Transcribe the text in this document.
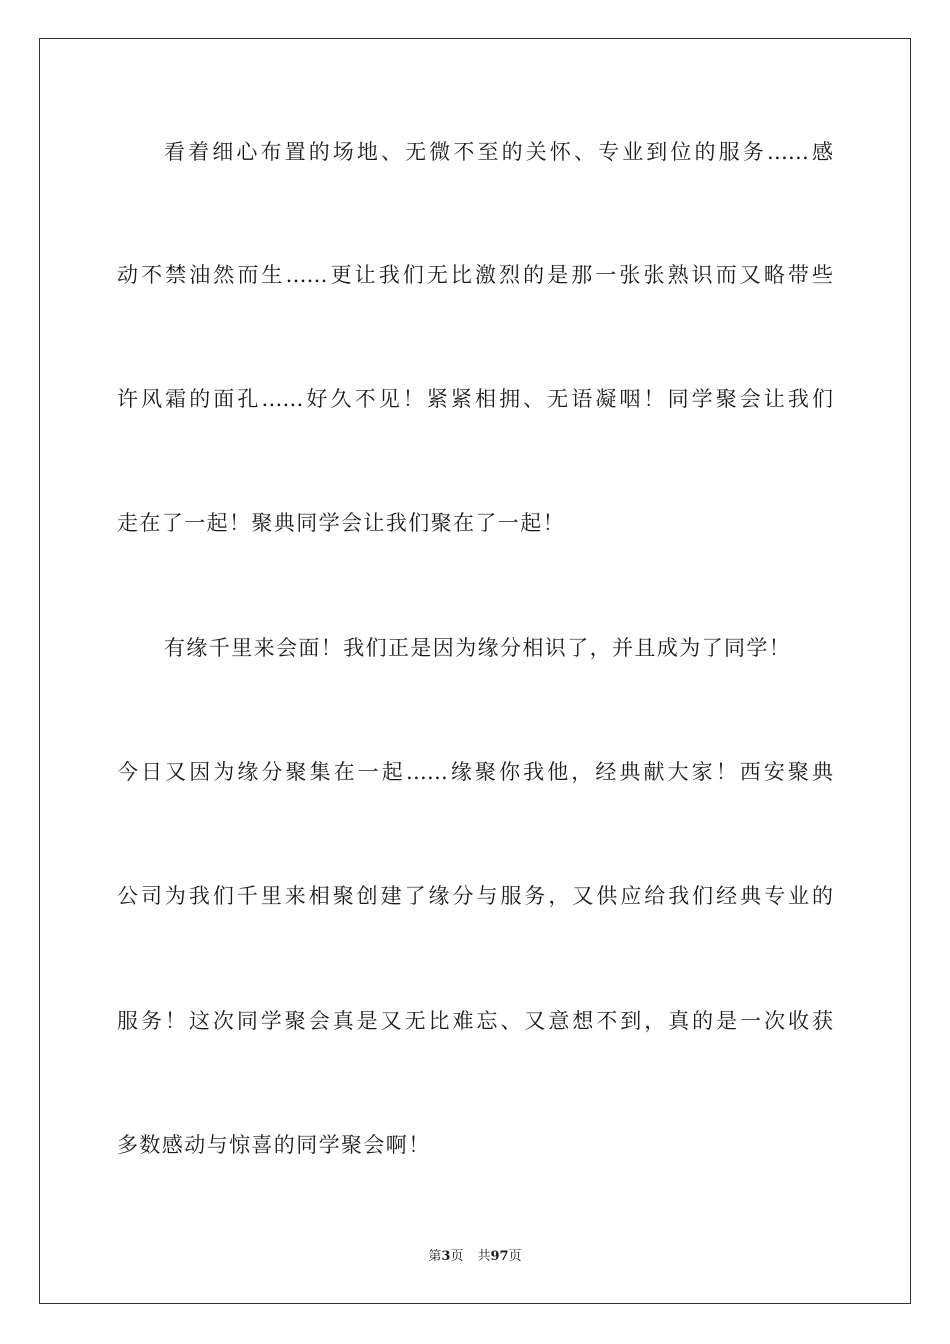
看着细心布置的场地、无微不至的关怀、专业到位的服务……感
动不禁油然而生……更让我们无比激烈的是那一张张熟识而又略带些
许风霜的面孔……好久不见！紧紧相拥、无语凝咽！同学聚会让我们
走在了一起！聚典同学会让我们聚在了一起！
有缘千里来会面！我们正是因为缘分相识了，并且成为了同学！
今日又因为缘分聚集在一起……缘聚你我他，经典献大家！西安聚典
公司为我们千里来相聚创建了缘分与服务，又供应给我们经典专业的
服务！这次同学聚会真是又无比难忘、又意想不到，真的是一次收获
多数感动与惊喜的同学聚会啊！
第3页 共97页
